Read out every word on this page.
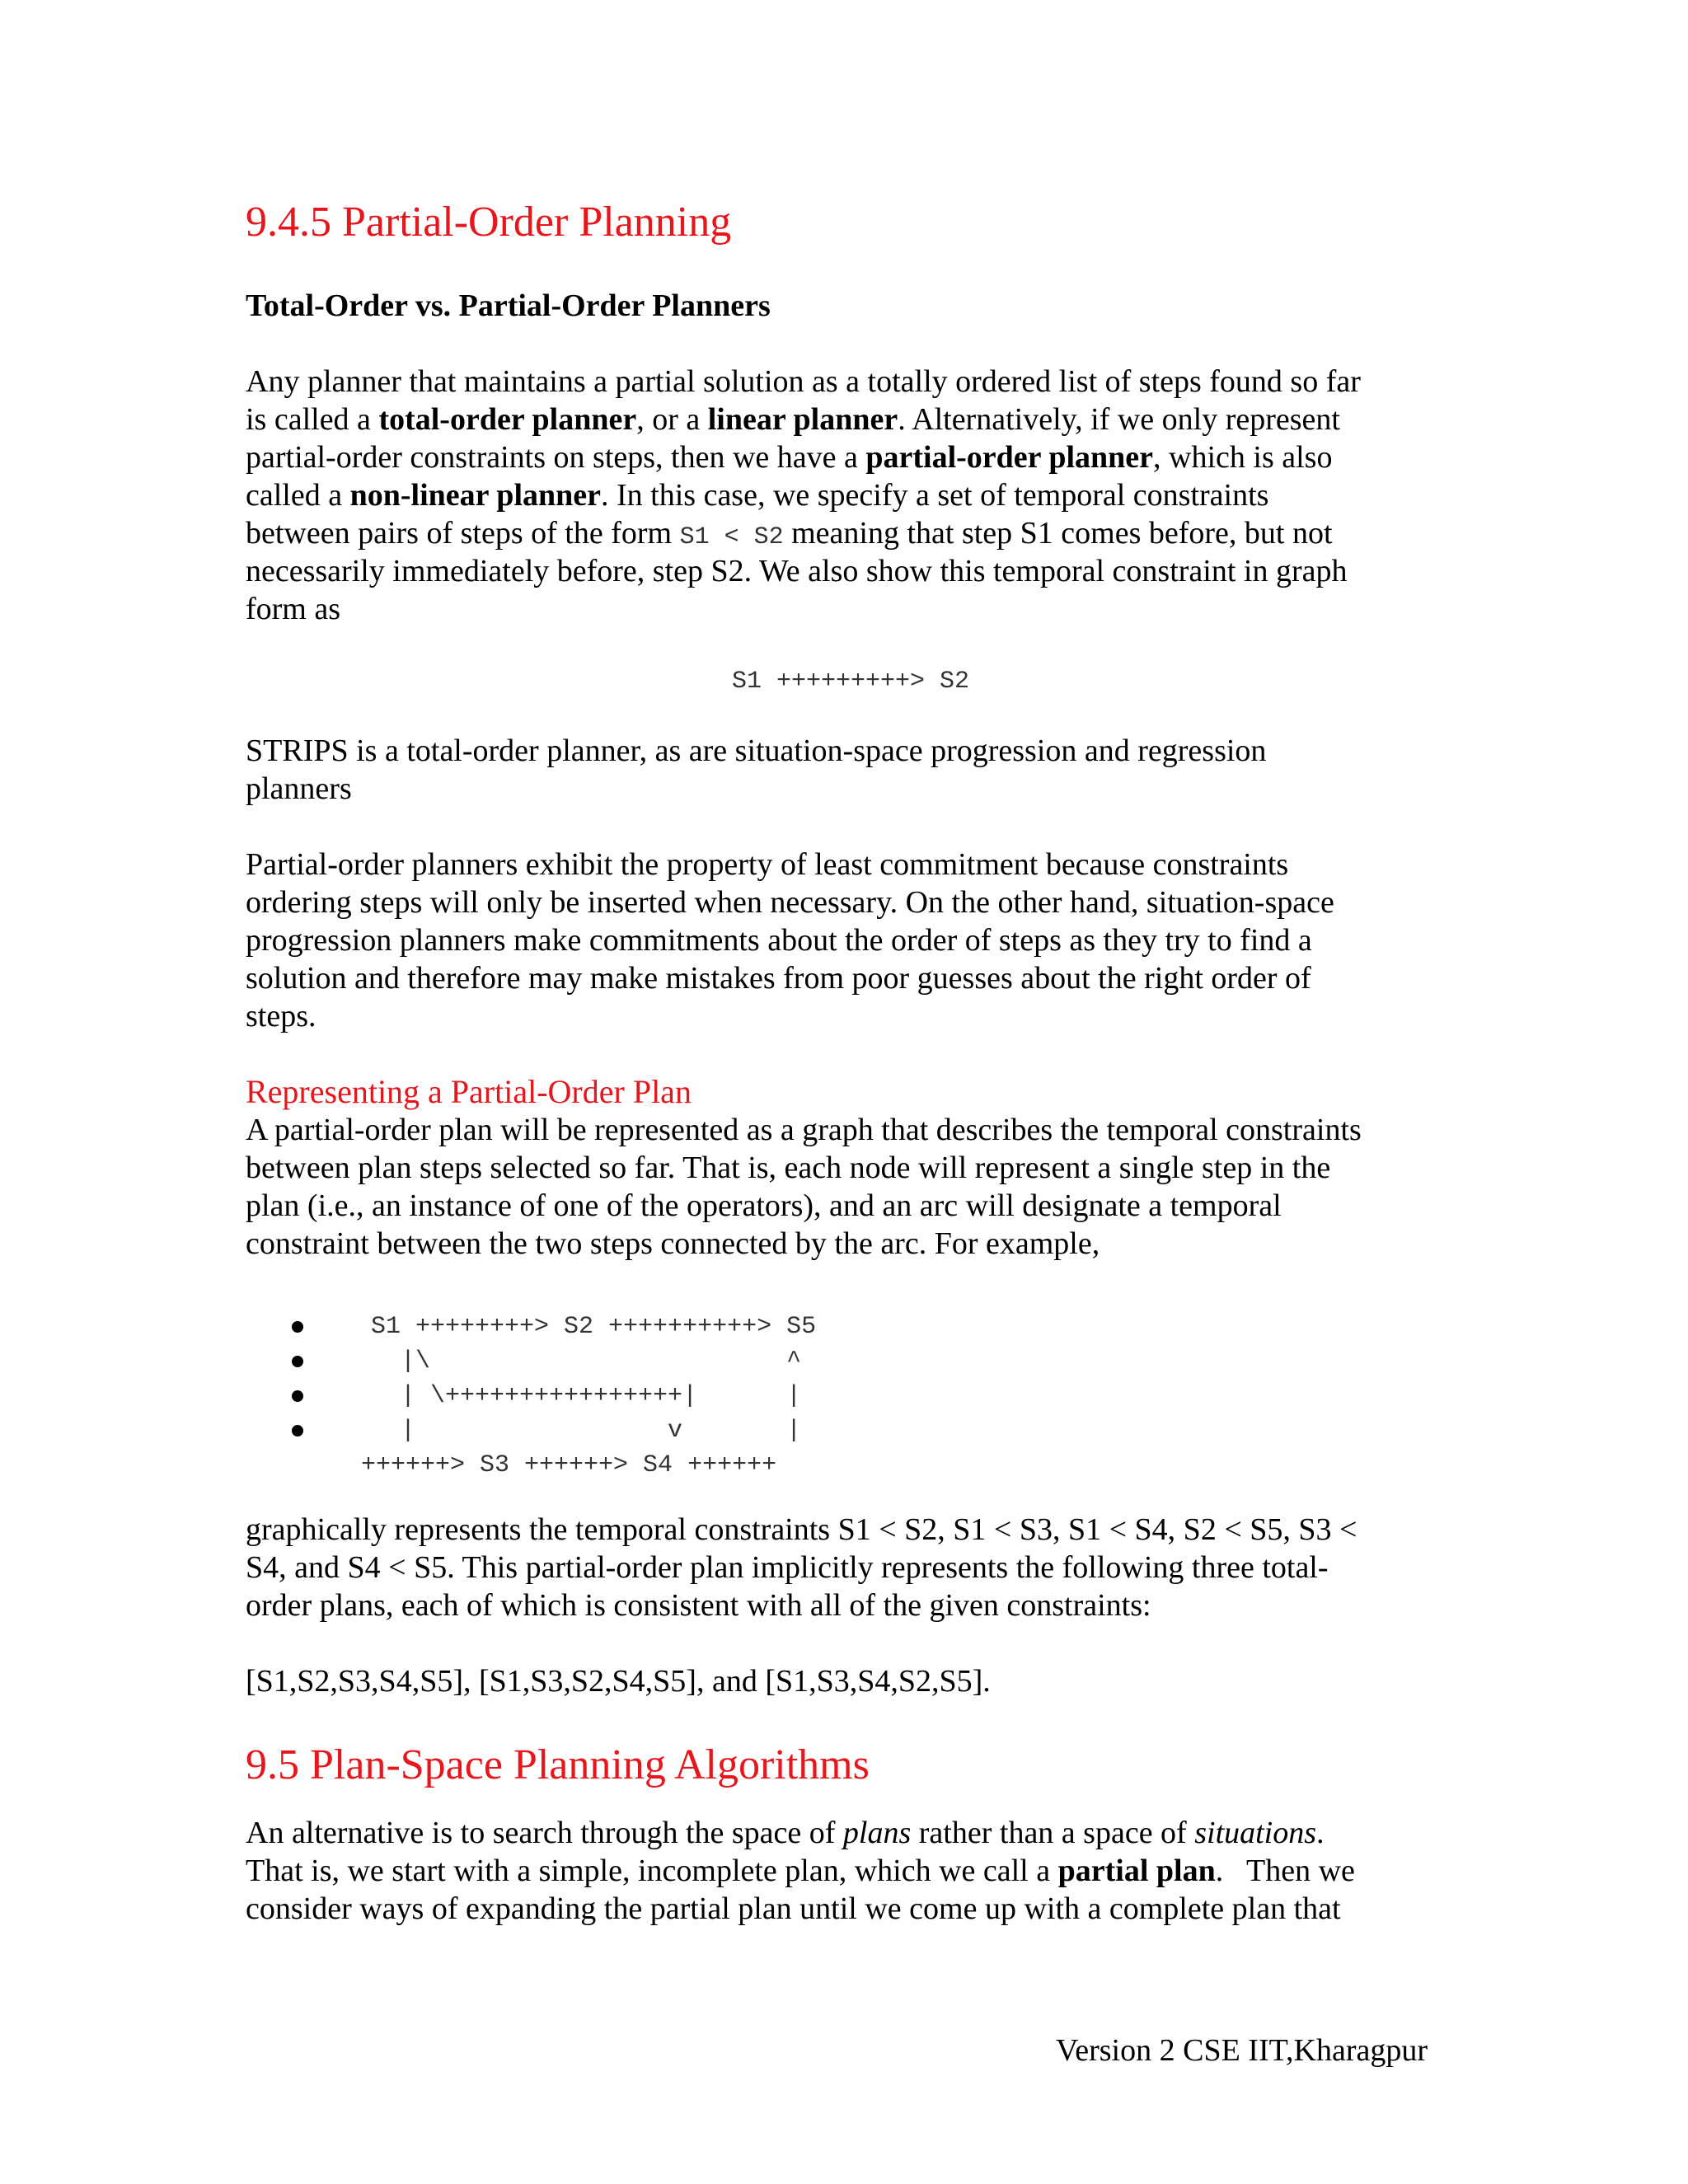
9.4.5 Partial-Order Planning
Total-Order vs. Partial-Order Planners
Any planner that maintains a partial solution as a totally ordered list of steps found so far
is called a total-order planner, or a linear planner. Alternatively, if we only represent
partial-order constraints on steps, then we have a partial-order planner, which is also
called a non-linear planner. In this case, we specify a set of temporal constraints
between pairs of steps of the form S1 < S2 meaning that step S1 comes before, but not
necessarily immediately before, step S2. We also show this temporal constraint in graph
form as
S1 +++++++++> S2
STRIPS is a total-order planner, as are situation-space progression and regression
planners
Partial-order planners exhibit the property of least commitment because constraints
ordering steps will only be inserted when necessary. On the other hand, situation-space
progression planners make commitments about the order of steps as they try to find a
solution and therefore may make mistakes from poor guesses about the right order of
steps.
Representing a Partial-Order Plan
A partial-order plan will be represented as a graph that describes the temporal constraints
between plan steps selected so far. That is, each node will represent a single step in the
plan (i.e., an instance of one of the operators), and an arc will designate a temporal
constraint between the two steps connected by the arc. For example,
S1 ++++++++> S2 ++++++++++> S5
|\                        ^
| \++++++++++++++++|      |
|                 v       |
++++++> S3 ++++++> S4 ++++++
graphically represents the temporal constraints S1 < S2, S1 < S3, S1 < S4, S2 < S5, S3 <
S4, and S4 < S5. This partial-order plan implicitly represents the following three total-
order plans, each of which is consistent with all of the given constraints:
[S1,S2,S3,S4,S5], [S1,S3,S2,S4,S5], and [S1,S3,S4,S2,S5].
9.5 Plan-Space Planning Algorithms
An alternative is to search through the space of plans rather than a space of situations.
That is, we start with a simple, incomplete plan, which we call a partial plan.   Then we
consider ways of expanding the partial plan until we come up with a complete plan that

Version 2 CSE IIT,Kharagpur
